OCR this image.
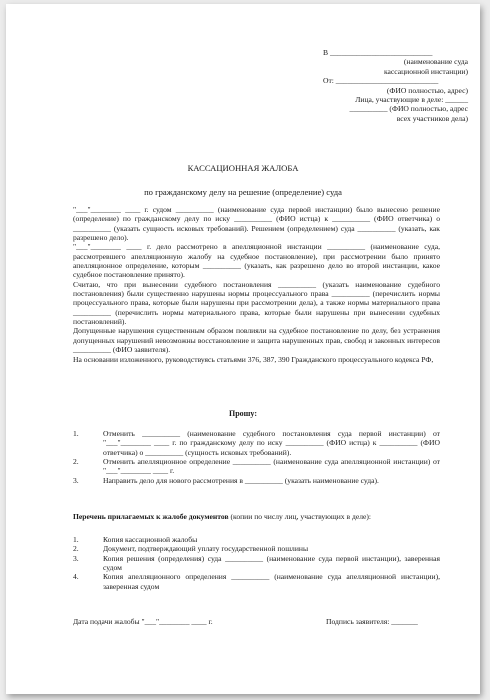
В ___________________________
(наименование суда
кассационной инстанции)
От: ___________________________
(ФИО полностью, адрес)
Лица, участвующие в деле: ______
__________ (ФИО полностью, адрес
всех участников дела)
КАССАЦИОННАЯ ЖАЛОБА
по гражданскому делу на решение (определение) суда

"___"________ ____ г. судом __________ (наименование суда первой инстанции) было вынесено решение (определение) по гражданскому делу по иску __________ (ФИО истца) к __________ (ФИО ответчика) о __________ (указать сущность исковых требований). Решением (определением) суда __________ (указать, как разрешено дело).

"___"________ ____ г. дело рассмотрено в апелляционной инстанции __________ (наименование суда, рассмотревшего апелляционную жалобу на судебное постановление), при рассмотрении было принято апелляционное определение, которым __________ (указать, как разрешено дело во второй инстанции, какое судебное постановление принято).

Считаю, что при вынесении судебного постановления __________ (указать наименование судебного постановления) были существенно нарушены нормы процессуального права __________ (перечислить нормы процессуального права, которые были нарушены при рассмотрении дела), а также нормы материального права __________ (перечислить нормы материального права, которые были нарушены при вынесении судебных постановлений).

Допущенные нарушения существенным образом повлияли на судебное постановление по делу, без устранения допущенных нарушений невозможны восстановление и защита нарушенных прав, свобод и законных интересов __________ (ФИО заявителя).

На основании изложенного, руководствуясь статьями 376, 387, 390 Гражданского процессуального кодекса РФ,

Прошу:
1.	Отменить __________ (наименование судебного постановления суда первой инстанции) от "___"________ ____ г. по гражданскому делу по иску __________ (ФИО истца) к __________ (ФИО ответчика) о __________ (сущность исковых требований).
2.	Отменить апелляционное определение __________ (наименование суда апелляционной инстанции) от "___"________ ____ г.
3.	Направить дело для нового рассмотрения в __________ (указать наименование суда).
Перечень прилагаемых к жалобе документов (копии по числу лиц, участвующих в деле):
1.	Копия кассационной жалобы
2.	Документ, подтверждающий уплату государственной пошлины
3.	Копия решения (определения) суда __________ (наименование суда первой инстанции), заверенная судом
4.	Копия апелляционного определения __________ (наименование суда апелляционной инстанции), заверенная судом
Дата подачи жалобы "___"________ ____ г.	Подпись заявителя: _______
